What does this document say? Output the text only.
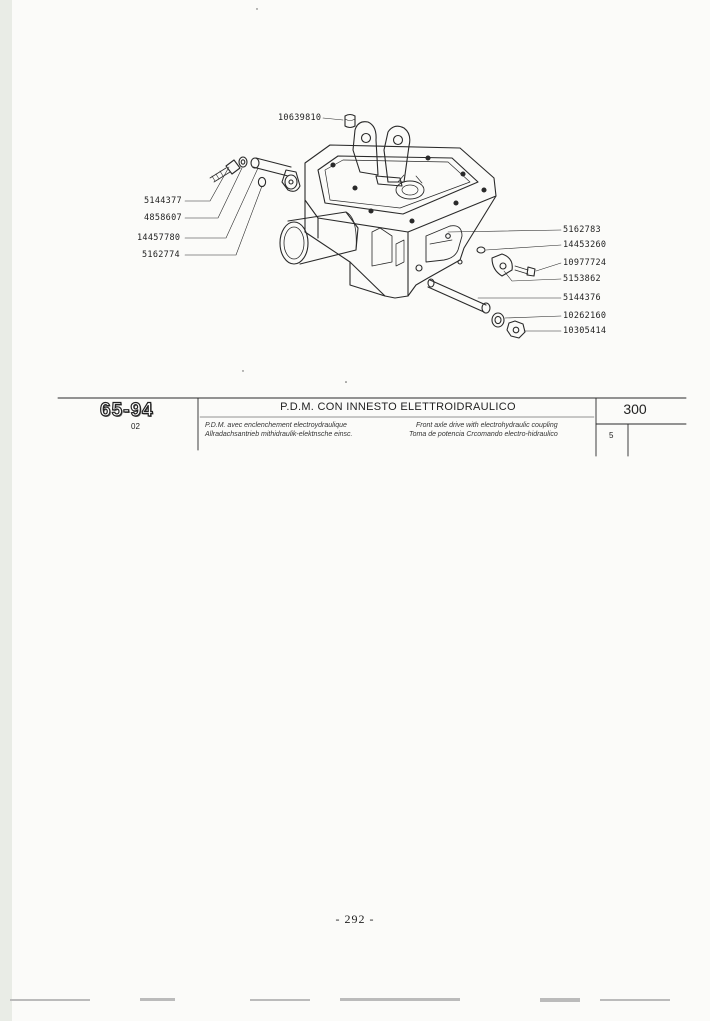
10639810
5144377
4858607
14457780
5162774
5162783
14453260
10977724
5153862
5144376
10262160
10305414
65-94
02
P.D.M. CON INNESTO ELETTROIDRAULICO
P.D.M. avec enclenchement electroydraulique
Allradachsantrieb mithidraulik-elektnsche einsc.
Front axle drive with electrohydraulic coupling
Toma de potencia Crcomando electro-hidraulico
300
5
- 292 -
